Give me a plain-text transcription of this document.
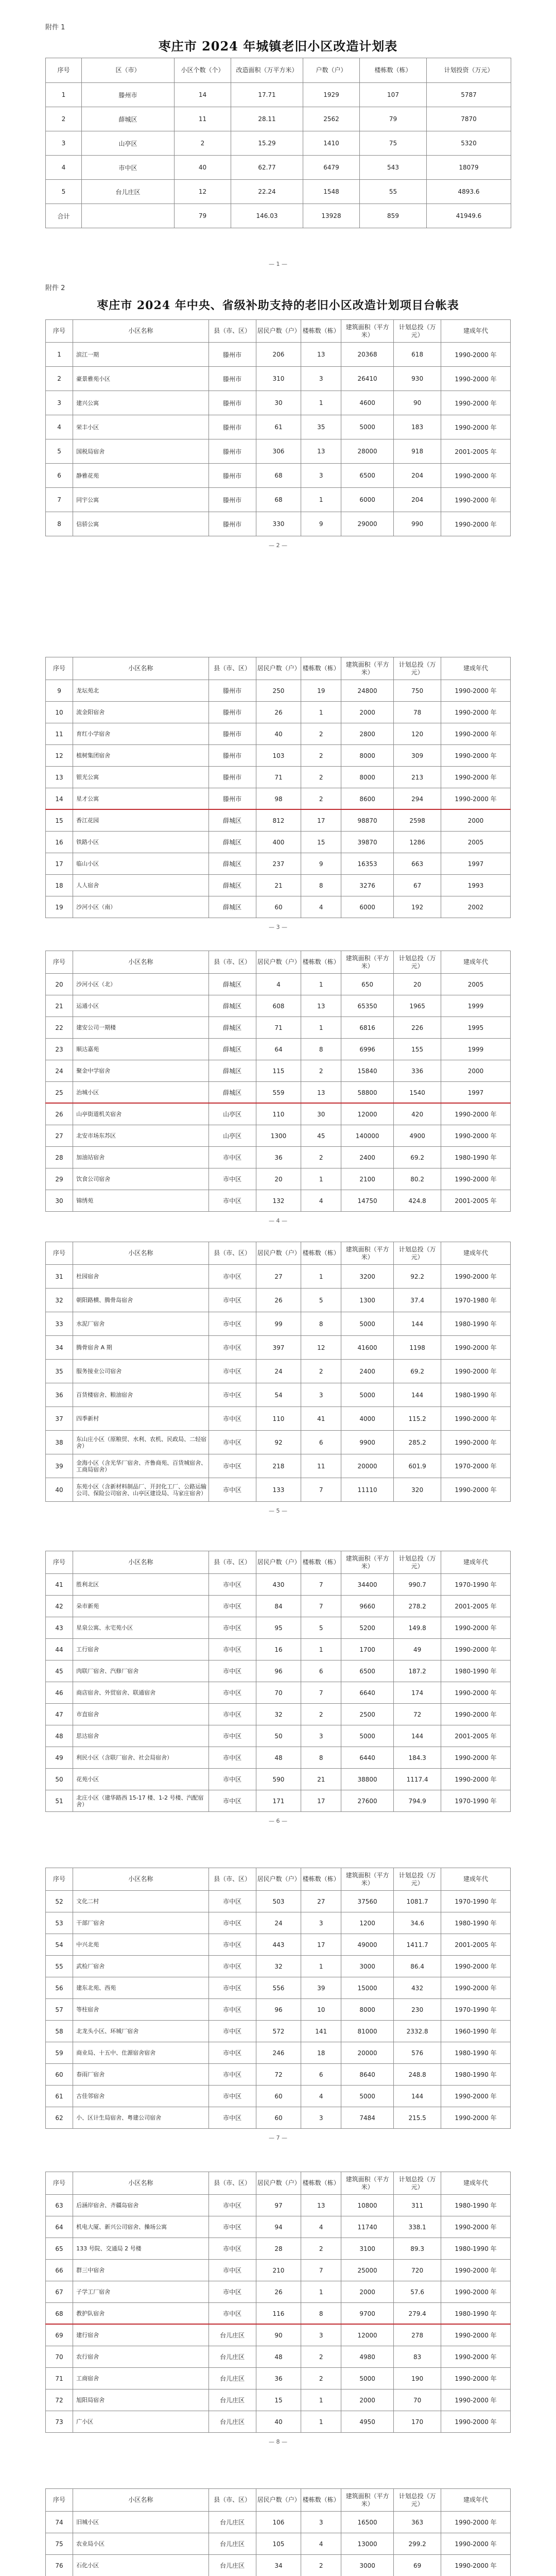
附件 1
枣庄市 2024 年城镇老旧小区改造计划表
序号	区（市）	小区个数（个）	改造面积（万平方米）	户数（户）	楼栋数（栋）	计划投资（万元）
1	滕州市	14	17.71	1929	107	5787
2	薛城区	11	28.11	2562	79	7870
3	山亭区	2	15.29	1410	75	5320
4	市中区	40	62.77	6479	543	18079
5	台儿庄区	12	22.24	1548	55	4893.6
合计		79	146.03	13928	859	41949.6
— 1 —
附件 2
枣庄市 2024 年中央、省级补助支持的老旧小区改造计划项目台帐表
序号	小区名称	县（市、区）	居民户数（户）	楼栋数（栋）	建筑面积（平方米）	计划总投（万元）	建成年代
1	滨江一期	滕州市	206	13	20368	618	1990-2000 年
2	豪景雅苑小区	滕州市	310	3	26410	930	1990-2000 年
3	建兴公寓	滕州市	30	1	4600	90	1990-2000 年
4	荣丰小区	滕州市	61	35	5000	183	1990-2000 年
5	国税局宿舍	滕州市	306	13	28000	918	2001-2005 年
6	静雅花苑	滕州市	68	3	6500	204	1990-2000 年
7	同宇公寓	滕州市	68	1	6000	204	1990-2000 年
8	信骄公寓	滕州市	330	9	29000	990	1990-2000 年
— 2 —
序号	小区名称	县（市、区）	居民户数（户）	楼栋数（栋）	建筑面积（平方米）	计划总投（万元）	建成年代
9	龙坛苑北	滕州市	250	19	24800	750	1990-2000 年
10	流金阳宿舍	滕州市	26	1	2000	78	1990-2000 年
11	育红小学宿舍	滕州市	40	2	2800	120	1990-2000 年
12	植树集团宿舍	滕州市	103	2	8000	309	1990-2000 年
13	银光公寓	滕州市	71	2	8000	213	1990-2000 年
14	星才公寓	滕州市	98	2	8600	294	1990-2000 年
15	香江花园	薛城区	812	17	98870	2598	2000
16	铁路小区	薛城区	400	15	39870	1286	2005
17	临山小区	薛城区	237	9	16353	663	1997
18	人人宿舍	薛城区	21	8	3276	67	1993
19	沙河小区（南）	薛城区	60	4	6000	192	2002
— 3 —
序号	小区名称	县（市、区）	居民户数（户）	楼栋数（栋）	建筑面积（平方米）	计划总投（万元）	建成年代
20	沙河小区（北）	薛城区	4	1	650	20	2005
21	运通小区	薛城区	608	13	65350	1965	1999
22	建安公司一期楼	薛城区	71	1	6816	226	1995
23	顺达嘉苑	薛城区	64	8	6996	155	1999
24	聚金中学宿舍	薛城区	115	2	15840	336	2000
25	治城小区	薛城区	559	13	58800	1540	1997
26	山亭街道机关宿舍	山亭区	110	30	12000	420	1990-2000 年
27	北安市场东苏区	山亭区	1300	45	140000	4900	1990-2000 年
28	加油站宿舍	市中区	36	2	2400	69.2	1980-1990 年
29	饮食公司宿舍	市中区	20	1	2100	80.2	1990-2000 年
30	锦绣苑	市中区	132	4	14750	424.8	2001-2005 年
— 4 —
序号	小区名称	县（市、区）	居民户数（户）	楼栋数（栋）	建筑面积（平方米）	计划总投（万元）	建成年代
31	杜园宿舍	市中区	27	1	3200	92.2	1990-2000 年
32	朝阳路横、腾骨岛宿舍	市中区	26	5	1300	37.4	1970-1980 年
33	水泥厂宿舍	市中区	99	8	5000	144	1980-1990 年
34	腾骨宿舍 A 期	市中区	397	12	41600	1198	1990-2000 年
35	服务接业公司宿舍	市中区	24	2	2400	69.2	1990-2000 年
36	百货楼宿舍、粮油宿舍	市中区	54	3	5000	144	1980-1990 年
37	四季新村	市中区	110	41	4000	115.2	1990-2000 年
38	东山庄小区（原粮贸、水利、农机、民政局、二轻宿舍）	市中区	92	6	9900	285.2	1990-2000 年
39	金海小区（含光华厂宿舍、齐鲁商苑、百货城宿舍、工商局宿舍）	市中区	218	11	20000	601.9	1970-2000 年
40	东苑小区（含新材料制品厂、开封化工厂、公路运输公司、保险公司宿舍、山亭区建设局、马家庄宿舍）	市中区	133	7	11110	320	1990-2000 年
— 5 —
序号	小区名称	县（市、区）	居民户数（户）	楼栋数（栋）	建筑面积（平方米）	计划总投（万元）	建成年代
41	胜利北区	市中区	430	7	34400	990.7	1970-1990 年
42	朵市新苑	市中区	84	7	9660	278.2	2001-2005 年
43	星泉公寓、永宅苑小区	市中区	95	5	5200	149.8	1990-2000 年
44	工行宿舍	市中区	16	1	1700	49	1990-2000 年
45	肉联厂宿舍、汽修厂宿舍	市中区	96	6	6500	187.2	1980-1990 年
46	商店宿舍、外贸宿舍、联通宿舍	市中区	70	7	6640	174	1990-2000 年
47	市直宿舍	市中区	32	2	2500	72	1990-2000 年
48	思达宿舍	市中区	50	3	5000	144	2001-2005 年
49	利民小区（含联厂宿舍、社会局宿舍）	市中区	48	8	6440	184.3	1990-2000 年
50	花苑小区	市中区	590	21	38800	1117.4	1990-2000 年
51	北庄小区（建华路西 15-17 楼、1-2 号楼、汽配宿舍）	市中区	171	17	27600	794.9	1970-1990 年
— 6 —
序号	小区名称	县（市、区）	居民户数（户）	楼栋数（栋）	建筑面积（平方米）	计划总投（万元）	建成年代
52	文化二村	市中区	503	27	37560	1081.7	1970-1990 年
53	干部厂宿舍	市中区	24	3	1200	34.6	1980-1990 年
54	中兴北苑	市中区	443	17	49000	1411.7	2001-2005 年
55	武检厂宿舍	市中区	32	1	3000	86.4	1990-2000 年
56	建东北苑、西苑	市中区	556	39	15000	432	1990-2000 年
57	等柱宿舍	市中区	96	10	8000	230	1970-1990 年
58	北龙头小区、环城厂宿舍	市中区	572	141	81000	2332.8	1960-1990 年
59	商业局、十五中、仕源宿舍宿舍	市中区	246	18	20000	576	1980-1990 年
60	春雨厂宿舍	市中区	72	6	8640	248.8	1980-1990 年
61	古佳邻宿舍	市中区	60	4	5000	144	1990-2000 年
62	小、区计生局宿舍、粤建公司宿舍	市中区	60	3	7484	215.5	1990-2000 年
— 7 —
序号	小区名称	县（市、区）	居民户数（户）	楼栋数（栋）	建筑面积（平方米）	计划总投（万元）	建成年代
63	后涵岸宿舍、齐疆岛宿舍	市中区	97	13	10800	311	1980-1990 年
64	机电大厦、新兴公司宿舍、操场公寓	市中区	94	4	11740	338.1	1990-2000 年
65	133 号院、交通局 2 号楼	市中区	28	2	3100	89.3	1980-1990 年
66	群三中宿舍	市中区	210	7	25000	720	1990-2000 年
67	子学工厂宿舍	市中区	26	1	2000	57.6	1990-2000 年
68	教护队宿舍	市中区	116	8	9700	279.4	1980-1990 年
69	建行宿舍	台儿庄区	90	3	12000	278	1990-2000 年
70	农行宿舍	台儿庄区	48	2	4980	83	1990-2000 年
71	工商宿舍	台儿庄区	36	2	5000	190	1990-2000 年
72	旭阳局宿舍	台儿庄区	15	1	2000	70	1990-2000 年
73	广小区	台儿庄区	40	1	4950	170	1990-2000 年
— 8 —
序号	小区名称	县（市、区）	居民户数（户）	楼栋数（栋）	建筑面积（平方米）	计划总投（万元）	建成年代
74	旧城小区	台儿庄区	106	3	16500	363	1990-2000 年
75	农业局小区	台儿庄区	105	4	13000	299.2	1990-2000 年
76	石化小区	台儿庄区	34	2	3000	69	1990-2000 年
